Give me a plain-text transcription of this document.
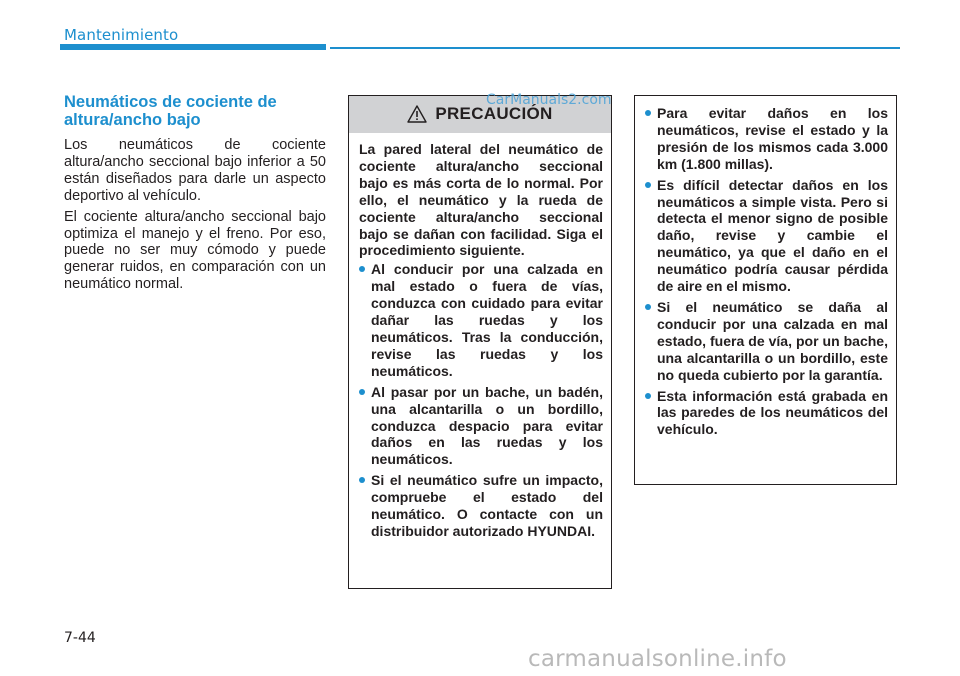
Mantenimiento
Neumáticos de cociente de altura/ancho bajo

Los neumáticos de cociente altura/ancho seccional bajo inferior a 50 están diseñados para darle un aspecto deportivo al vehículo.

El cociente altura/ancho seccional bajo optimiza el manejo y el freno. Por eso, puede no ser muy cómodo y puede generar ruidos, en comparación con un neumático normal.

PRECAUCIÓN

La pared lateral del neumático de cociente altura/ancho seccional bajo es más corta de lo normal. Por ello, el neumático y la rueda de cociente altura/ancho seccional bajo se dañan con facilidad. Siga el procedimiento siguiente.

Al conducir por una calzada en mal estado o fuera de vías, conduzca con cuidado para evitar dañar las ruedas y los neumáticos. Tras la conducción, revise las ruedas y los neumáticos.
Al pasar por un bache, un badén, una alcantarilla o un bordillo, conduzca despacio para evitar daños en las ruedas y los neumáticos.
Si el neumático sufre un impacto, compruebe el estado del neumático. O contacte con un distribuidor autorizado HYUNDAI.
Para evitar daños en los neumáticos, revise el estado y la presión de los mismos cada 3.000 km (1.800 millas).
Es difícil detectar daños en los neumáticos a simple vista. Pero si detecta el menor signo de posible daño, revise y cambie el neumático, ya que el daño en el neumático podría causar pérdida de aire en el mismo.
Si el neumático se daña al conducir por una calzada en mal estado, fuera de vía, por un bache, una alcantarilla o un bordillo, este no queda cubierto por la garantía.
Esta información está grabada en las paredes de los neumáticos del vehículo.
CarManuals2.com
7-44
carmanualsonline.info
